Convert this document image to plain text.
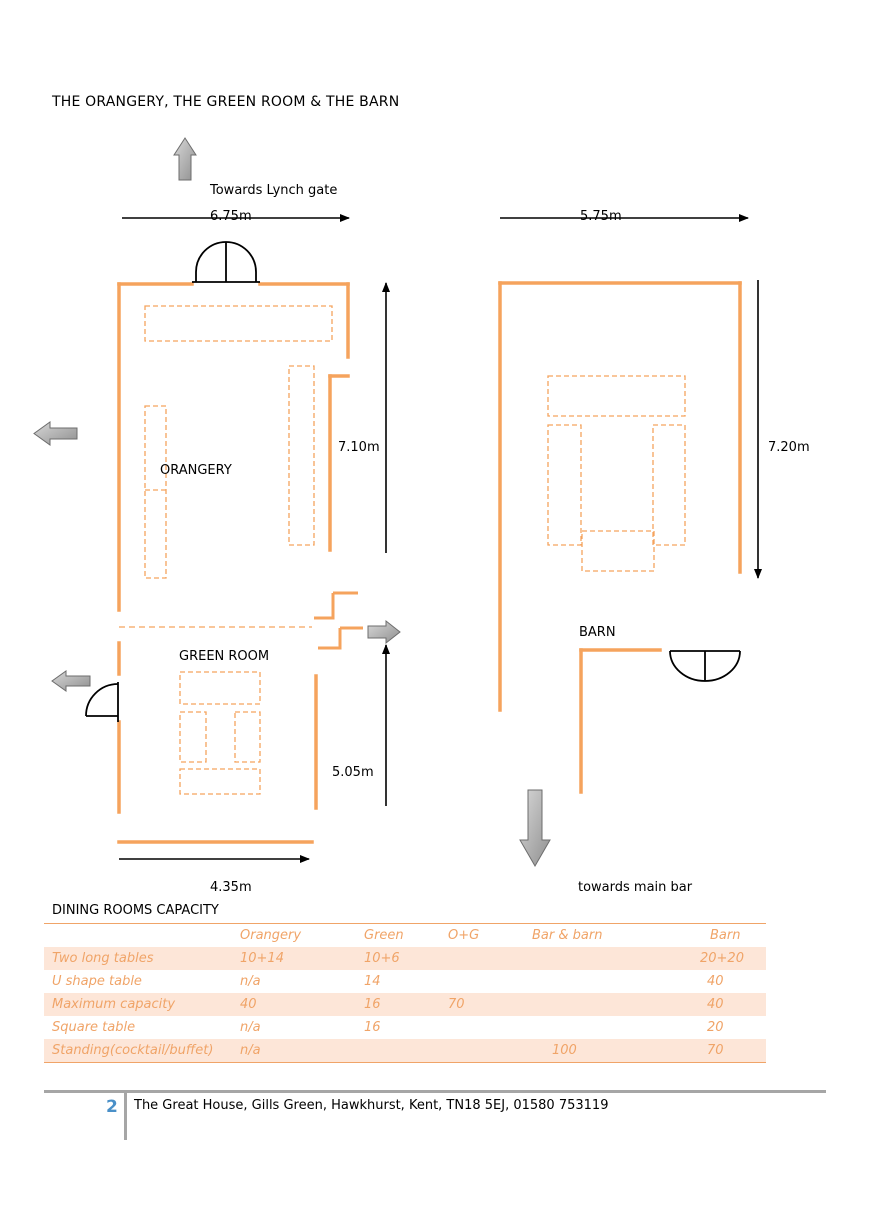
THE ORANGERY, THE GREEN ROOM & THE BARN
Towards Lynch gate
6.75m	5.75m
7.10m	7.20m
ORANGERY
GREEN ROOM
5.05m
BARN
4.35m	towards main bar
DINING ROOMS CAPACITY
	Orangery	Green	O+G	Bar & barn	Barn
Two long tables	10+14	10+6			20+20
U shape table	n/a	14			40
Maximum capacity	40	16	70		40
Square table	n/a	16			20
Standing(cocktail/buffet)	n/a			100	70
2 The Great House, Gills Green, Hawkhurst, Kent, TN18 5EJ, 01580 753119
